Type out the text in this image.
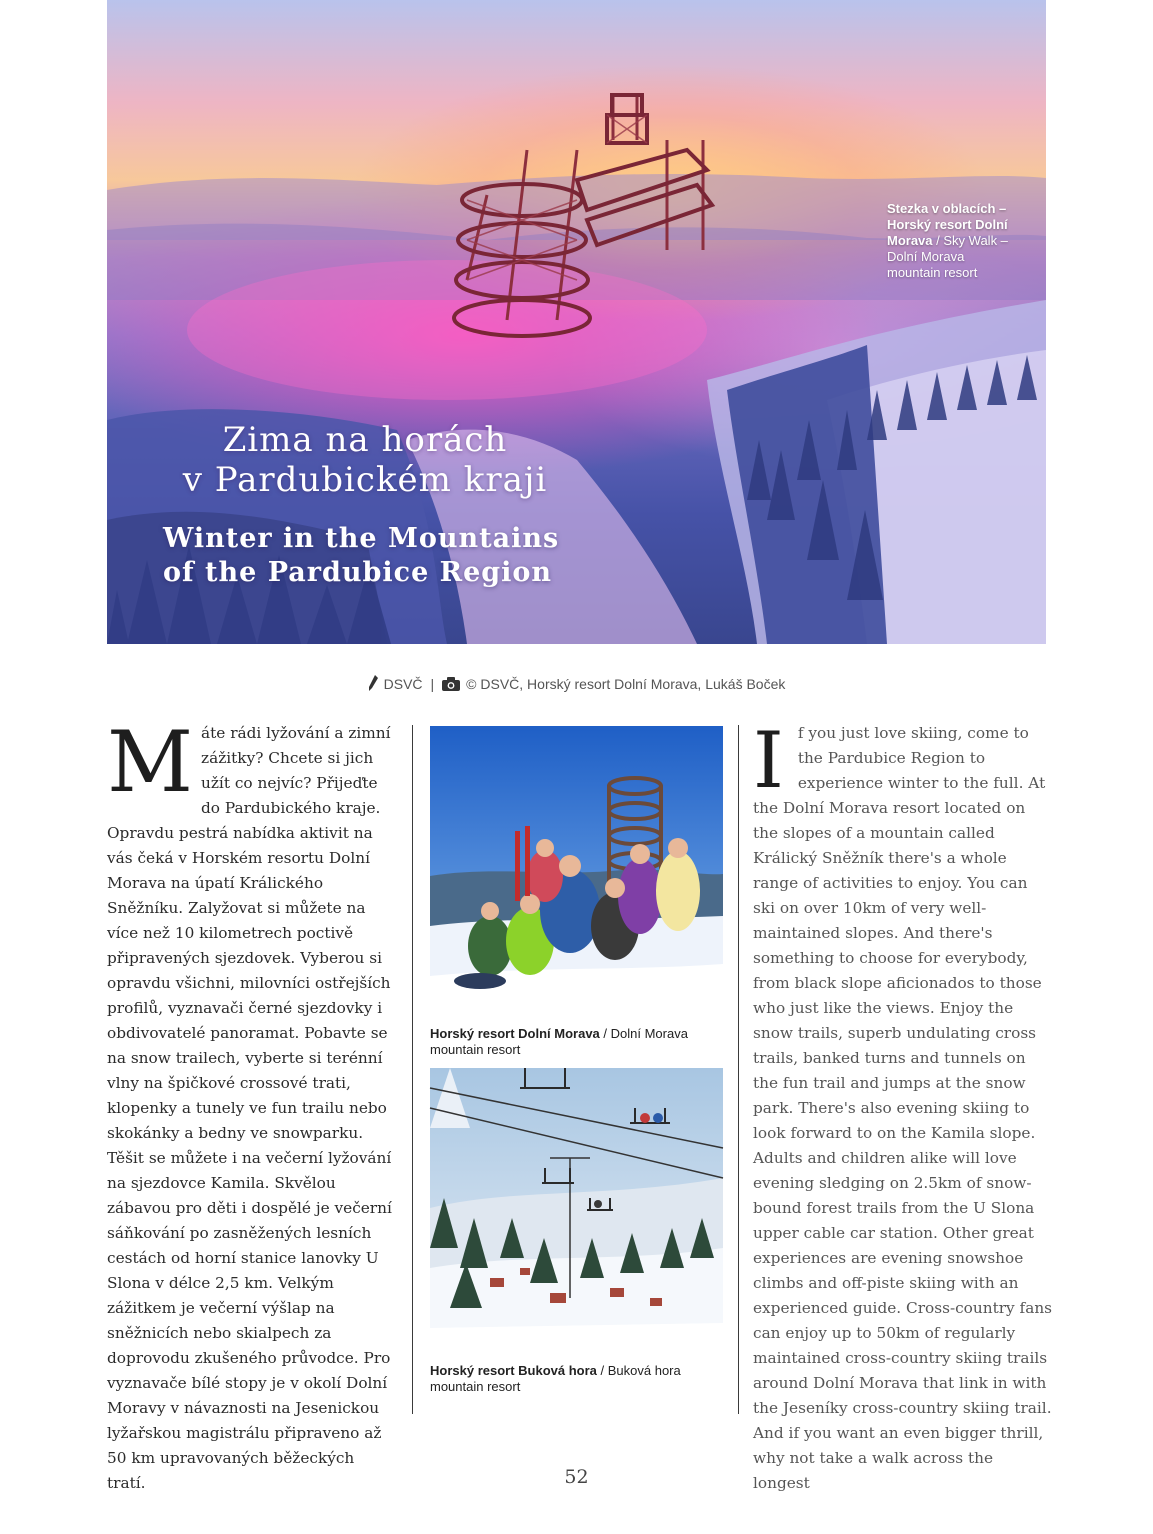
Zima na horách
v Pardubickém kraji
Winter in the Mountains
of the Pardubice Region
Stezka v oblacích – Horský resort Dolní Morava / Sky Walk – Dolní Morava mountain resort
DSVČ | © DSVČ, Horský resort Dolní Morava, Lukáš Boček

Máte rádi lyžování a zimní zážitky? Chcete si jich užít co nejvíc? Přijeďte do Pardubického kraje. Opravdu pestrá nabídka aktivit na vás čeká v Horském resortu Dolní Morava na úpatí Králického Sněžníku. Zalyžovat si můžete na více než 10 kilometrech poctivě připravených sjezdovek. Vyberou si opravdu všichni, milovníci ostřejších profilů, vyznavači černé sjezdovky i obdivovatelé panoramat. Pobavte se na snow trailech, vyberte si terénní vlny na špičkové crossové trati, klopenky a tunely ve fun trailu nebo skokánky a bedny ve snowparku. Těšit se můžete i na večerní lyžování na sjezdovce Kamila. Skvělou zábavou pro děti i dospělé je večerní sáňkování po zasněžených lesních cestách od horní stanice lanovky U Slona v délce 2,5 km. Velkým zážitkem je večerní výšlap na sněžnicích nebo skialpech za doprovodu zkušeného průvodce. Pro vyznavače bílé stopy je v okolí Dolní Moravy v návaznosti na Jesenickou lyžařskou magistrálu připraveno až 50 km upravovaných běžeckých tratí.

Horský resort Dolní Morava / Dolní Morava mountain resort
Horský resort Buková hora / Buková hora mountain resort

If you just love skiing, come to the Pardubice Region to experience winter to the full. At the Dolní Morava resort located on the slopes of a mountain called Králický Sněžník there's a whole range of activities to enjoy. You can ski on over 10km of very well-maintained slopes. And there's something to choose for everybody, from black slope aficionados to those who just like the views. Enjoy the snow trails, superb undulating cross trails, banked turns and tunnels on the fun trail and jumps at the snow park. There's also evening skiing to look forward to on the Kamila slope. Adults and children alike will love evening sledging on 2.5km of snow-bound forest trails from the U Slona upper cable car station. Other great experiences are evening snowshoe climbs and off-piste skiing with an experienced guide. Cross-country fans can enjoy up to 50km of regularly maintained cross-country skiing trails around Dolní Morava that link in with the Jeseníky cross-country skiing trail. And if you want an even bigger thrill, why not take a walk across the longest

52
